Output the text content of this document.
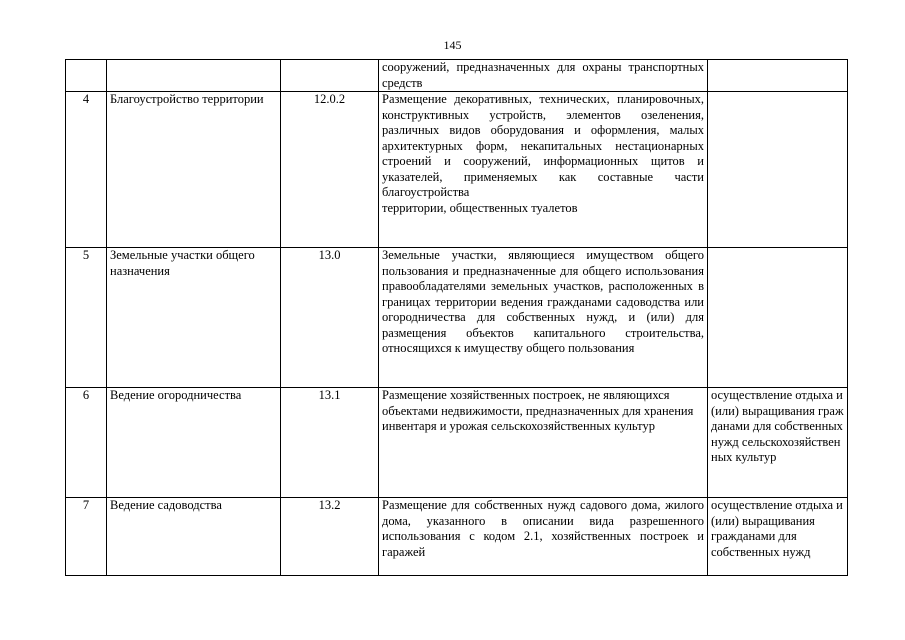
145
			сооружений, предназначенных для охраны транспортных средств	
4	Благоустройство территории	12.0.2	Размещение декоративных, технических, планировочных, конструктивных устройств, элементов озеленения, различных видов оборудования и оформления, малых архитектурных форм, некапитальных нестационарных строений и сооружений, информационных щитов и указателей, применяемых как составные части благоустройства
территории, общественных туалетов	

5	Земельные участки общего назначения	13.0	Земельные участки, являющиеся имуществом общего пользования и предназначенные для общего использования правообладателями земельных участков, расположенных в границах территории ведения гражданами садоводства или огородничества для собственных нужд, и (или) для размещения объектов капитального строительства, относящихся к имуществу общего пользования	
6	Ведение огородничества	13.1	Размещение хозяйственных построек, не являющихся объектами недвижимости, предназначенных для хранения инвентаря и урожая сельскохозяйственных культур	осуществление отдыха и (или) выращивания гражданами для собственных нужд сельскохозяйственных культур
7	Ведение садоводства	13.2	Размещение для собственных нужд садового дома, жилого дома, указанного в описании вида разрешенного использования с кодом 2.1, хозяйственных построек и гаражей	осуществление отдыха и (или) выращивания гражданами для собственных нужд
